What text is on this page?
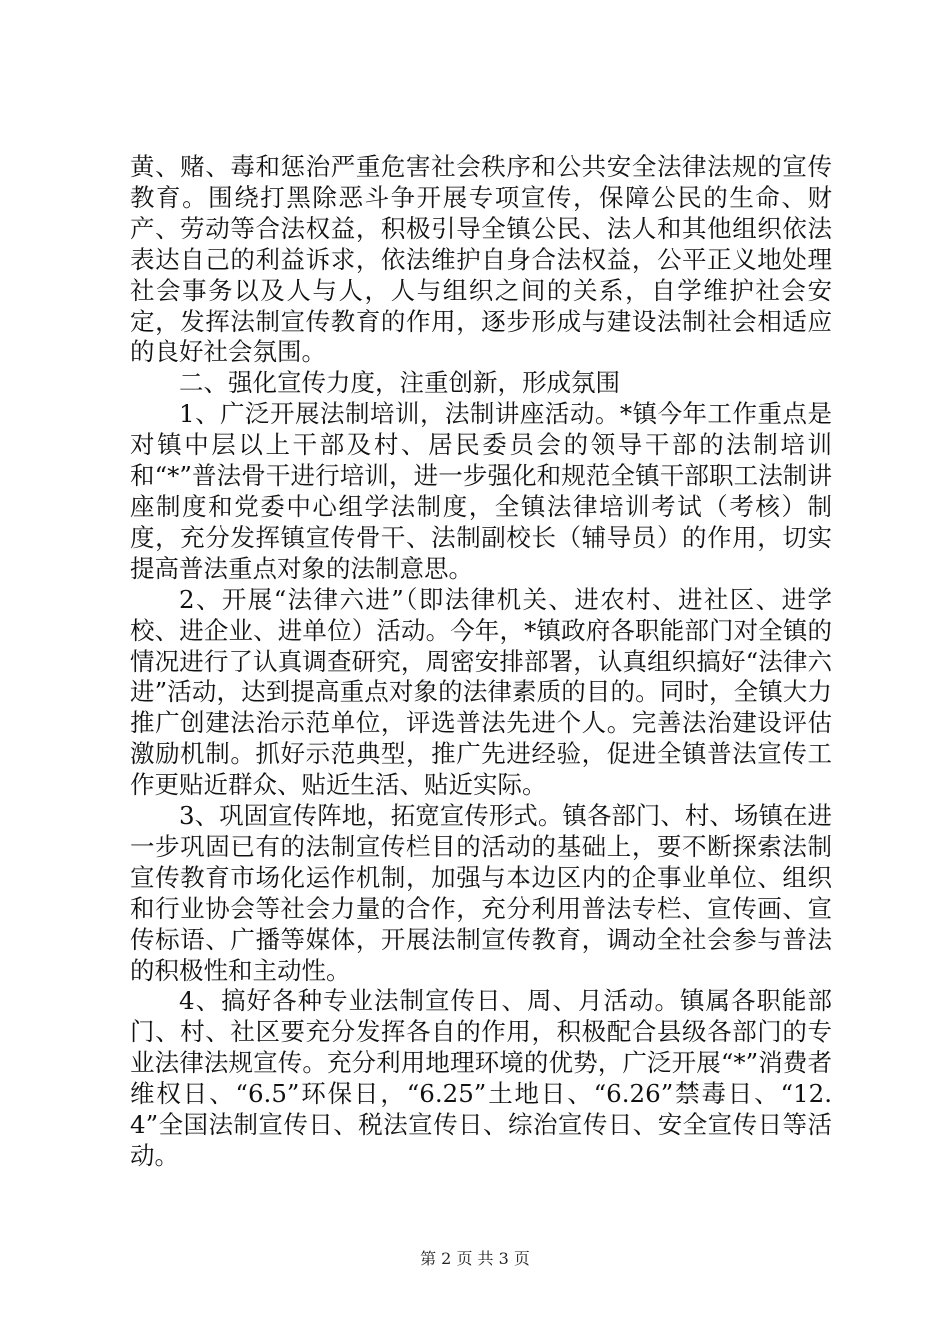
黄、赌、毒和惩治严重危害社会秩序和公共安全法律法规的宣传教育。围绕打黑除恶斗争开展专项宣传，保障公民的生命、财产、劳动等合法权益，积极引导全镇公民、法人和其他组织依法表达自己的利益诉求，依法维护自身合法权益，公平正义地处理社会事务以及人与人，人与组织之间的关系，自学维护社会安定，发挥法制宣传教育的作用，逐步形成与建设法制社会相适应的良好社会氛围。

二、强化宣传力度，注重创新，形成氛围

1、广泛开展法制培训，法制讲座活动。*镇今年工作重点是对镇中层以上干部及村、居民委员会的领导干部的法制培训和“*”普法骨干进行培训，进一步强化和规范全镇干部职工法制讲座制度和党委中心组学法制度，全镇法律培训考试（考核）制度，充分发挥镇宣传骨干、法制副校长（辅导员）的作用，切实提高普法重点对象的法制意思。

2、开展“法律六进”（即法律机关、进农村、进社区、进学校、进企业、进单位）活动。今年，*镇政府各职能部门对全镇的情况进行了认真调查研究，周密安排部署，认真组织搞好“法律六进”活动，达到提高重点对象的法律素质的目的。同时，全镇大力推广创建法治示范单位，评选普法先进个人。完善法治建设评估激励机制。抓好示范典型，推广先进经验，促进全镇普法宣传工作更贴近群众、贴近生活、贴近实际。

3、巩固宣传阵地，拓宽宣传形式。镇各部门、村、场镇在进一步巩固已有的法制宣传栏目的活动的基础上，要不断探索法制宣传教育市场化运作机制，加强与本边区内的企事业单位、组织和行业协会等社会力量的合作，充分利用普法专栏、宣传画、宣传标语、广播等媒体，开展法制宣传教育，调动全社会参与普法的积极性和主动性。

4、搞好各种专业法制宣传日、周、月活动。镇属各职能部门、村、社区要充分发挥各自的作用，积极配合县级各部门的专业法律法规宣传。充分利用地理环境的优势，广泛开展“*”消费者维权日、“6.5”环保日，“6.25”土地日、“6.26”禁毒日、“12.4”全国法制宣传日、税法宣传日、综治宣传日、安全宣传日等活动。

第 2 页 共 3 页
